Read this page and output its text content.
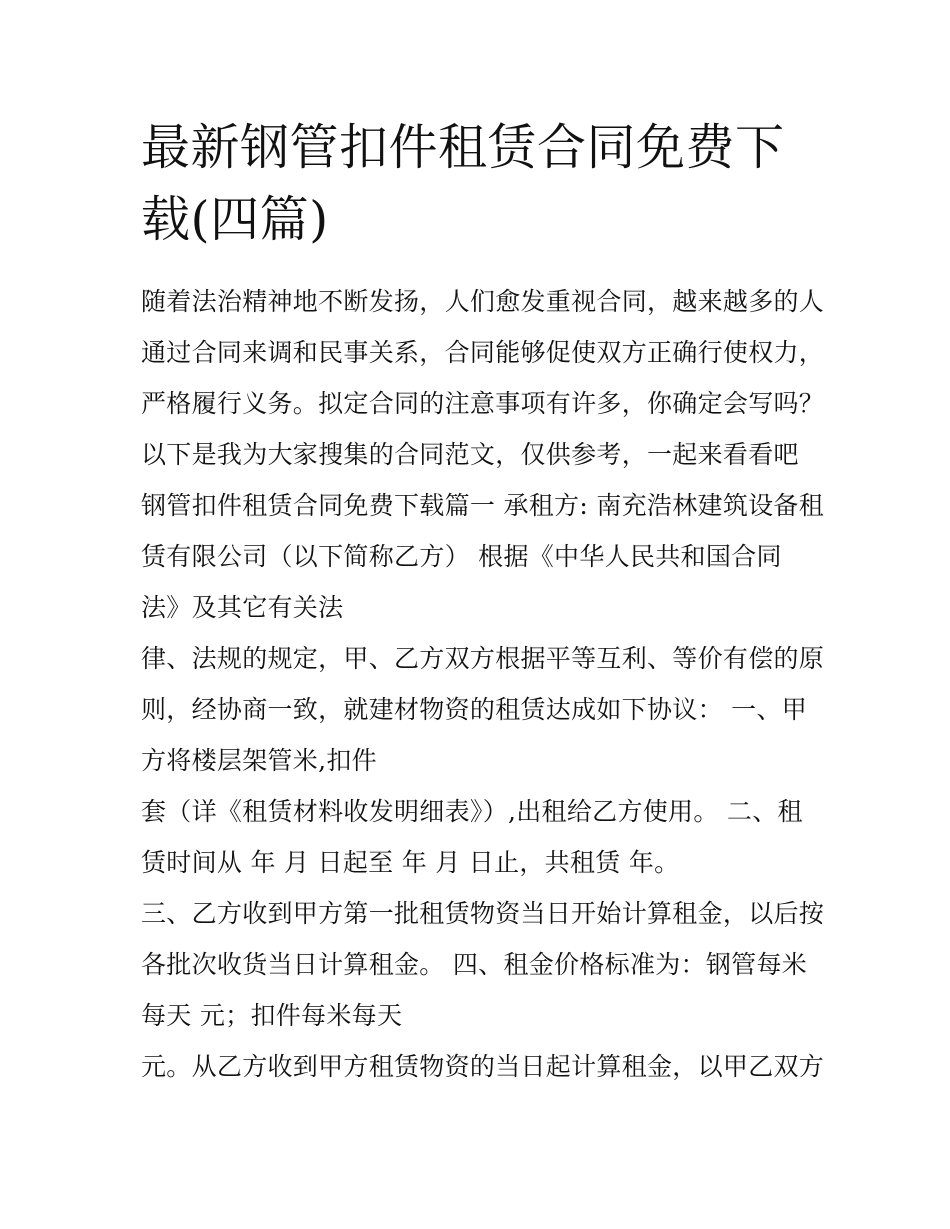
最新钢管扣件租赁合同免费下
载(四篇)
随着法治精神地不断发扬，人们愈发重视合同，越来越多的人
通过合同来调和民事关系，合同能够促使双方正确行使权力，
严格履行义务。拟定合同的注意事项有许多，你确定会写吗？
以下是我为大家搜集的合同范文，仅供参考，一起来看看吧
钢管扣件租赁合同免费下载篇一 承租方: 南充浩林建筑设备租
赁有限公司（以下简称乙方） 根据《中华人民共和国合同
法》及其它有关法
律、法规的规定，甲、乙方双方根据平等互利、等价有偿的原
则，经协商一致，就建材物资的租赁达成如下协议： 一、甲
方将楼层架管米,扣件
套（详《租赁材料收发明细表》）,出租给乙方使用。 二、租
赁时间从 年 月 日起至 年 月 日止，共租赁 年。
三、乙方收到甲方第一批租赁物资当日开始计算租金，以后按
各批次收货当日计算租金。 四、租金价格标准为：钢管每米
每天 元；扣件每米每天
元。从乙方收到甲方租赁物资的当日起计算租金，以甲乙双方
